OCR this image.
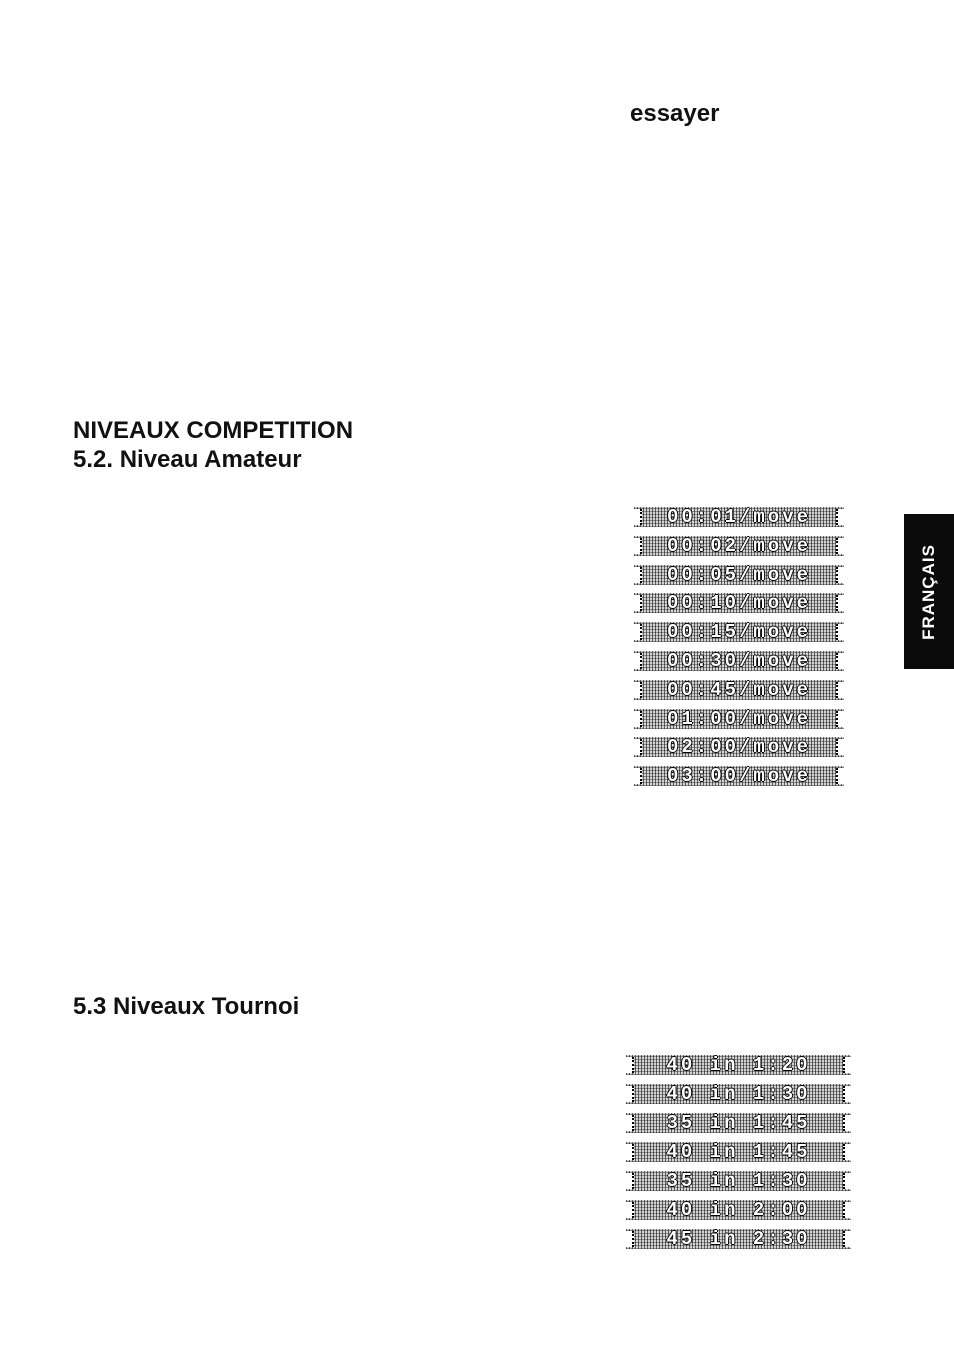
essayer

NIVEAUX COMPETITION

5.2. Niveau Amateur

00:01/move
00:02/move
00:05/move
00:10/move
00:15/move
00:30/move
00:45/move
01:00/move
02:00/move
03:00/move

5.3 Niveaux Tournoi

40 in 1:20
40 in 1:30
35 in 1:45
40 in 1:45
35 in 1:30
40 in 2:00
45 in 2:30
FRANÇAIS
